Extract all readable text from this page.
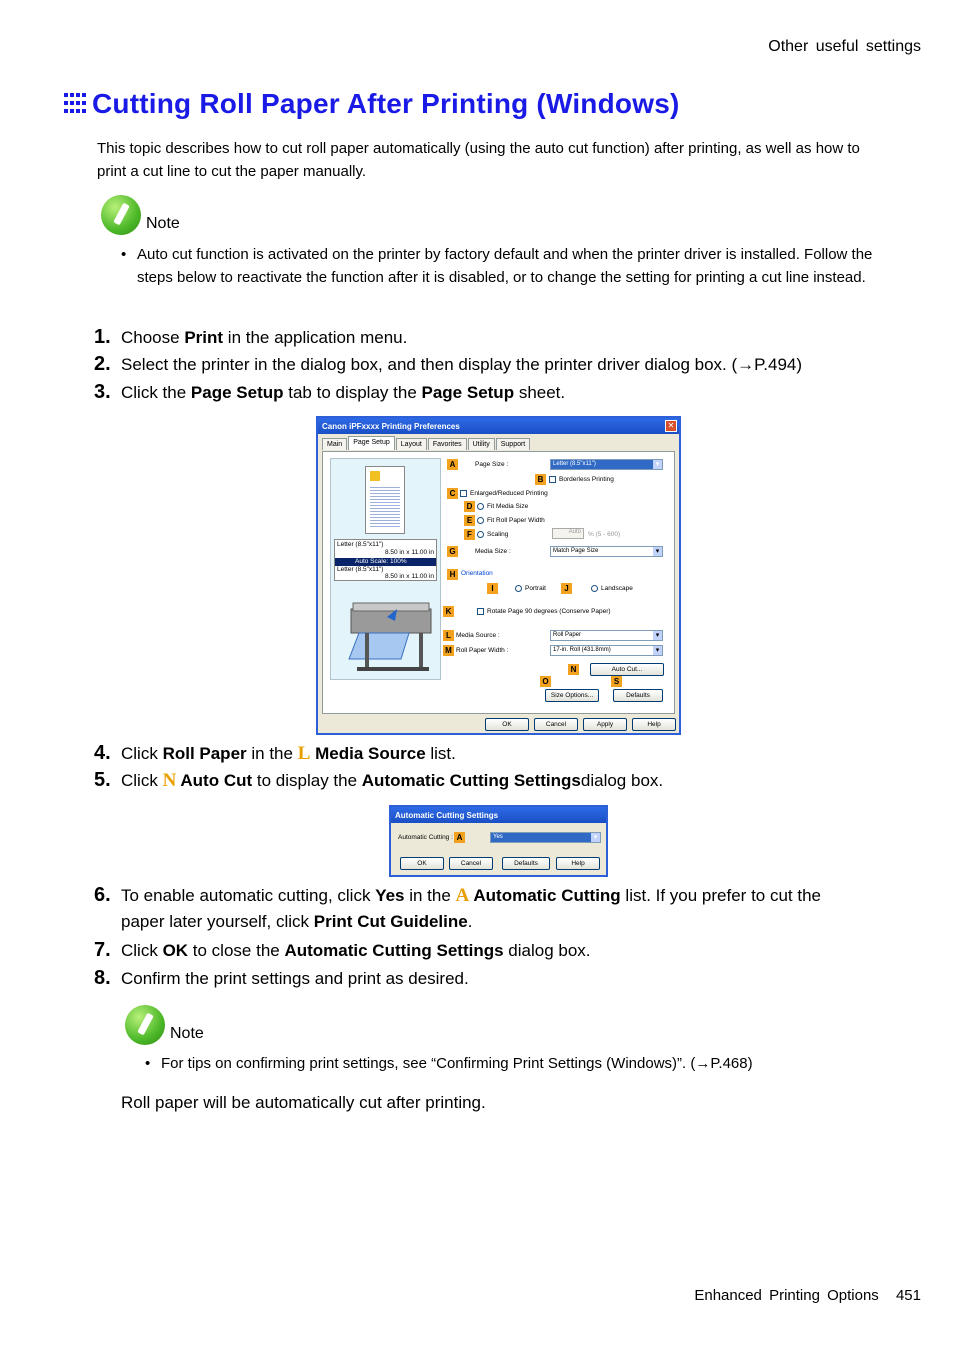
Other useful settings
Cutting Roll Paper After Printing (Windows)
This topic describes how to cut roll paper automatically (using the auto cut function) after printing, as well as how to print a cut line to cut the paper manually.
Note
• Auto cut function is activated on the printer by factory default and when the printer driver is installed. Follow the steps below to reactivate the function after it is disabled, or to change the setting for printing a cut line instead.
1. Choose Print in the application menu.
2. Select the printer in the dialog box, and then display the printer driver dialog box. (→P.494)
3. Click the Page Setup tab to display the Page Setup sheet.
Canon iPFxxxx Printing Preferences	✕
Main	Page Setup	Layout	Favorites	Utility	Support
Letter (8.5"x11")
8.50 in x 11.00 in
Auto Scale: 100%
Letter (8.5"x11")
8.50 in x 11.00 in
A	Page Size :	Letter (8.5"x11") ▾
B	Borderless Printing
C	Enlarged/Reduced Printing
D	Fit Media Size
E	Fit Roll Paper Width
F	Scaling	Auto	% (5 - 600)
G	Media Size :	Match Page Size ▾
H Orientation
I	Portrait	J	Landscape
K	Rotate Page 90 degrees (Conserve Paper)
L Media Source :	Roll Paper ▾
M Roll Paper Width :	17-in. Roll (431.8mm) ▾
N	Auto Cut...
O	S
Size Options...	Defaults
OK	Cancel	Apply	Help
4. Click Roll Paper in the L Media Source list.
5. Click N Auto Cut to display the Automatic Cutting Settingsdialog box.
Automatic Cutting Settings
Automatic Cutting : A	Yes ▾
OK	Cancel	Defaults	Help
6. To enable automatic cutting, click Yes in the A Automatic Cutting list. If you prefer to cut the
paper later yourself, click Print Cut Guideline.
7. Click OK to close the Automatic Cutting Settings dialog box.
8. Confirm the print settings and print as desired.
Note
• For tips on confirming print settings, see “Confirming Print Settings (Windows)”. (→P.468)
Roll paper will be automatically cut after printing.
Enhanced Printing Options 451
